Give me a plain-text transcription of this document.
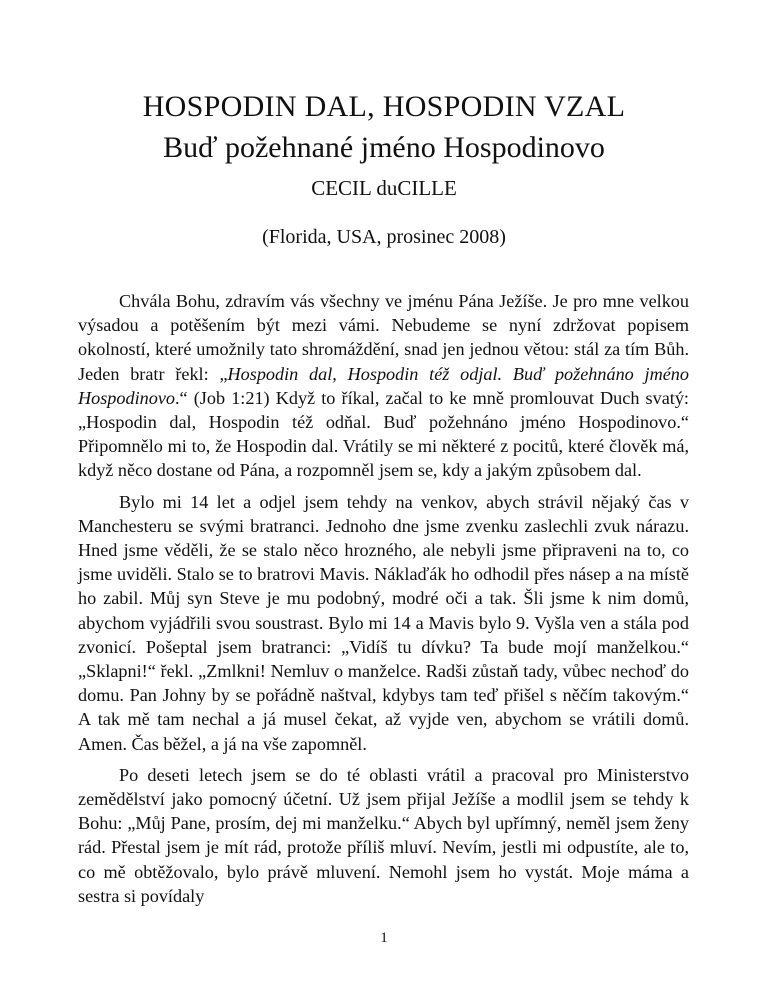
HOSPODIN DAL, HOSPODIN VZAL
Buď požehnané jméno Hospodinovo
CECIL duCILLE
(Florida, USA, prosinec 2008)

Chvála Bohu, zdravím vás všechny ve jménu Pána Ježíše. Je pro mne velkou výsadou a potěšením být mezi vámi. Nebudeme se nyní zdržovat popisem okolností, které umožnily tato shromáždění, snad jen jednou větou: stál za tím Bůh. Jeden bratr řekl: „Hospodin dal, Hospodin též odjal. Buď požehnáno jméno Hospodinovo.“ (Job 1:21) Když to říkal, začal to ke mně promlouvat Duch svatý: „Hospodin dal, Hospodin též odňal. Buď požehnáno jméno Hospodinovo.“ Připomnělo mi to, že Hospodin dal. Vrátily se mi některé z pocitů, které člověk má, když něco dostane od Pána, a rozpomněl jsem se, kdy a jakým způsobem dal.

Bylo mi 14 let a odjel jsem tehdy na venkov, abych strávil nějaký čas v Manchesteru se svými bratranci. Jednoho dne jsme zvenku zaslechli zvuk nárazu. Hned jsme věděli, že se stalo něco hrozného, ale nebyli jsme připraveni na to, co jsme uviděli. Stalo se to bratrovi Mavis. Náklaďák ho odhodil přes násep a na místě ho zabil. Můj syn Steve je mu podobný, modré oči a tak. Šli jsme k nim domů, abychom vyjádřili svou soustrast. Bylo mi 14 a Mavis bylo 9. Vyšla ven a stála pod zvonicí. Pošeptal jsem bratranci: „Vidíš tu dívku? Ta bude mojí manželkou.“ „Sklapni!“ řekl. „Zmlkni! Nemluv o manželce. Radši zůstaň tady, vůbec nechoď do domu. Pan Johny by se pořádně naštval, kdybys tam teď přišel s něčím takovým.“ A tak mě tam nechal a já musel čekat, až vyjde ven, abychom se vrátili domů. Amen. Čas běžel, a já na vše zapomněl.

Po deseti letech jsem se do té oblasti vrátil a pracoval pro Ministerstvo zemědělství jako pomocný účetní. Už jsem přijal Ježíše a modlil jsem se tehdy k Bohu: „Můj Pane, prosím, dej mi manželku.“ Abych byl upřímný, neměl jsem ženy rád. Přestal jsem je mít rád, protože příliš mluví. Nevím, jestli mi odpustíte, ale to, co mě obtěžovalo, bylo právě mluvení. Nemohl jsem ho vystát. Moje máma a sestra si povídaly

1
